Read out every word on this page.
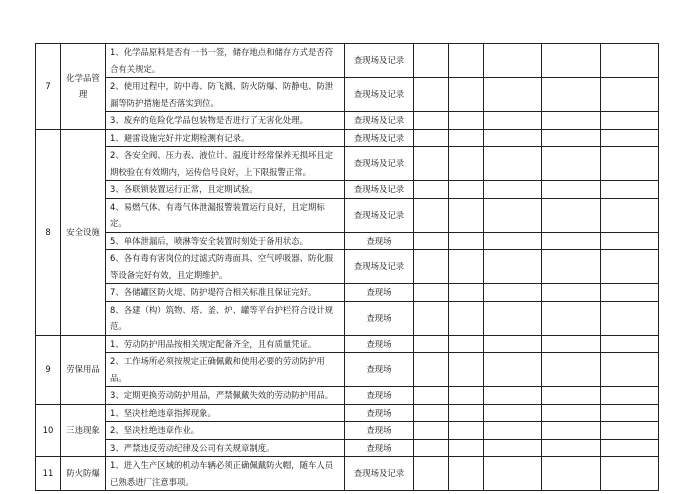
7	化学品管理	1、化学品原料是否有一书一签，储存地点和储存方式是否符合有关规定。	查现场及记录					
		2、使用过程中，防中毒、防飞溅、防火防爆、防静电、防泄漏等防护措施是否落实到位。	查现场及记录					
		3、废弃的危险化学品包装物是否进行了无害化处理。	查现场及记录					
8	安全设施	1、避雷设施完好并定期检测有记录。	查现场及记录					
		2、各安全阀、压力表、液位计、温度计经常保养无损坏且定期校验在有效期内，运传信号良好，上下限报警正常。	查现场及记录					
		3、各联锁装置运行正常，且定期试验。	查现场及记录					
		4、易燃气体、有毒气体泄漏报警装置运行良好，且定期标定。	查现场及记录					
		5、单体泄漏后，喷淋等安全装置时刻处于备用状态。	查现场					
		6、各有毒有害岗位的过滤式防毒面具、空气呼吸器、防化服等设备完好有效，且定期维护。	查现场及记录					
		7、各储罐区防火堤、防护堤符合相关标准且保证完好。	查现场					
		8、各建（构）筑物、塔、釜、炉、罐等平台护栏符合设计规范。	查现场					
9	劳保用品	1、劳动防护用品按相关规定配备齐全，且有质量凭证。	查现场					
		2、工作场所必须按规定正确佩戴和使用必要的劳动防护用品。	查现场					
		3、定期更换劳动防护用品，严禁佩戴失效的劳动防护用品。	查现场					
10	三违现象	1、坚决杜绝违章指挥现象。	查现场					
		2、坚决杜绝违章作业。	查现场					
		3、严禁违反劳动纪律及公司有关规章制度。	查现场					
11	防火防爆	1、进入生产区域的机动车辆必须正确佩戴防火帽，随车人员已熟悉进厂注意事项。	查现场及记录					
